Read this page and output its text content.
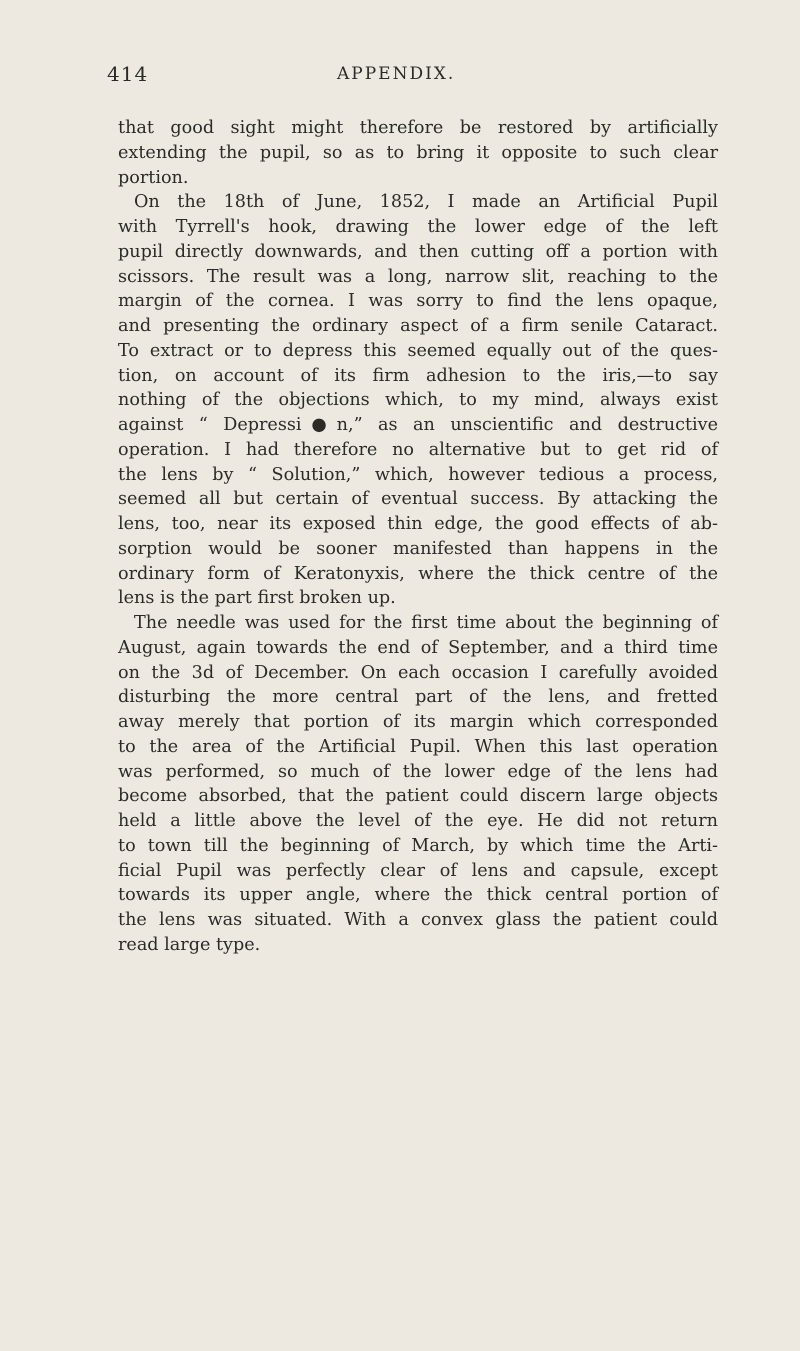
414	APPENDIX.
that good sight might therefore be restored by artificially
extending the pupil, so as to bring it opposite to such clear
portion.
On the 18th of June, 1852, I made an Artificial Pupil
with Tyrrell's hook, drawing the lower edge of the left
pupil directly downwards, and then cutting off a portion with
scissors. The result was a long, narrow slit, reaching to the
margin of the cornea. I was sorry to find the lens opaque,
and presenting the ordinary aspect of a firm senile Cataract.
To extract or to depress this seemed equally out of the ques-
tion, on account of its firm adhesion to the iris,—to say
nothing of the objections which, to my mind, always exist
against “ Depressi●n,” as an unscientific and destructive
operation. I had therefore no alternative but to get rid of
the lens by “ Solution,” which, however tedious a process,
seemed all but certain of eventual success. By attacking the
lens, too, near its exposed thin edge, the good effects of ab-
sorption would be sooner manifested than happens in the
ordinary form of Keratonyxis, where the thick centre of the
lens is the part first broken up.
The needle was used for the first time about the beginning of
August, again towards the end of September, and a third time
on the 3d of December. On each occasion I carefully avoided
disturbing the more central part of the lens, and fretted
away merely that portion of its margin which corresponded
to the area of the Artificial Pupil. When this last operation
was performed, so much of the lower edge of the lens had
become absorbed, that the patient could discern large objects
held a little above the level of the eye. He did not return
to town till the beginning of March, by which time the Arti-
ficial Pupil was perfectly clear of lens and capsule, except
towards its upper angle, where the thick central portion of
the lens was situated. With a convex glass the patient could
read large type.
